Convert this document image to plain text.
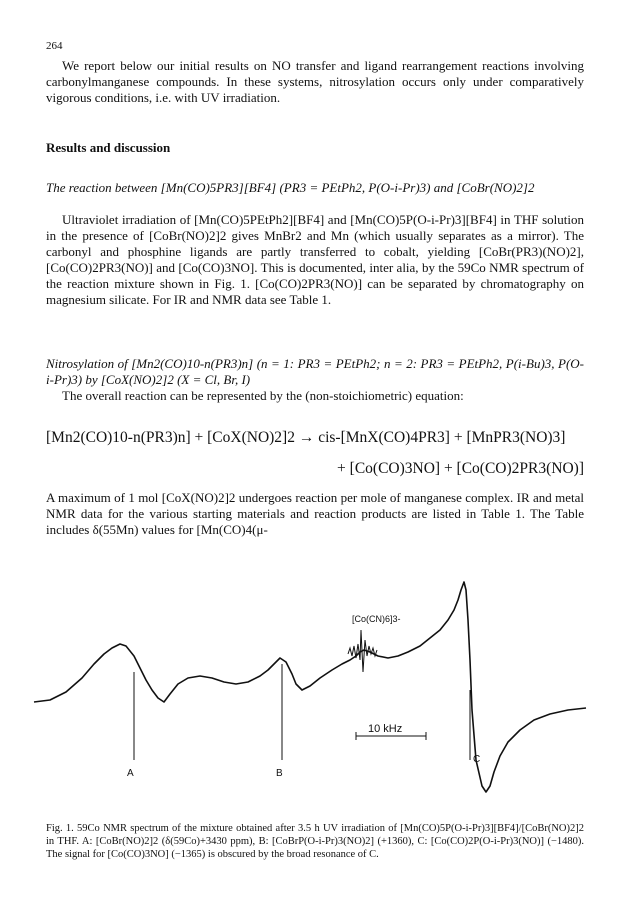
264

We report below our initial results on NO transfer and ligand rearrangement reactions involving carbonylmanganese compounds. In these systems, nitrosylation occurs only under comparatively vigorous conditions, i.e. with UV irradiation.

Results and discussion

The reaction between [Mn(CO)5PR3][BF4] (PR3 = PEtPh2, P(O-i-Pr)3) and [CoBr(NO)2]2

Ultraviolet irradiation of [Mn(CO)5PEtPh2][BF4] and [Mn(CO)5P(O-i-Pr)3][BF4] in THF solution in the presence of [CoBr(NO)2]2 gives MnBr2 and Mn (which usually separates as a mirror). The carbonyl and phosphine ligands are partly transferred to cobalt, yielding [CoBr(PR3)(NO)2], [Co(CO)2PR3(NO)] and [Co(CO)3NO]. This is documented, inter alia, by the 59Co NMR spectrum of the reaction mixture shown in Fig. 1. [Co(CO)2PR3(NO)] can be separated by chromatography on magnesium silicate. For IR and NMR data see Table 1.

Nitrosylation of [Mn2(CO)10-n(PR3)n] (n = 1: PR3 = PEtPh2; n = 2: PR3 = PEtPh2, P(i-Bu)3, P(O-i-Pr)3) by [CoX(NO)2]2 (X = Cl, Br, I)

The overall reaction can be represented by the (non-stoichiometric) equation:

[Mn2(CO)10-n(PR3)n] + [CoX(NO)2]2 → cis-[MnX(CO)4PR3] + [MnPR3(NO)3]
+ [Co(CO)3NO] + [Co(CO)2PR3(NO)]

A maximum of 1 mol [CoX(NO)2]2 undergoes reaction per mole of manganese complex. IR and metal NMR data for the various starting materials and reaction products are listed in Table 1. The Table includes δ(55Mn) values for [Mn(CO)4(μ-

[Co(CN)6]3-
A	B
C
10 kHz

Fig. 1. 59Co NMR spectrum of the mixture obtained after 3.5 h UV irradiation of [Mn(CO)5P(O-i-Pr)3][BF4]/[CoBr(NO)2]2 in THF. A: [CoBr(NO)2]2 (δ(59Co)+3430 ppm), B: [CoBrP(O-i-Pr)3(NO)2] (+1360), C: [Co(CO)2P(O-i-Pr)3(NO)] (−1480). The signal for [Co(CO)3NO] (−1365) is obscured by the broad resonance of C.
